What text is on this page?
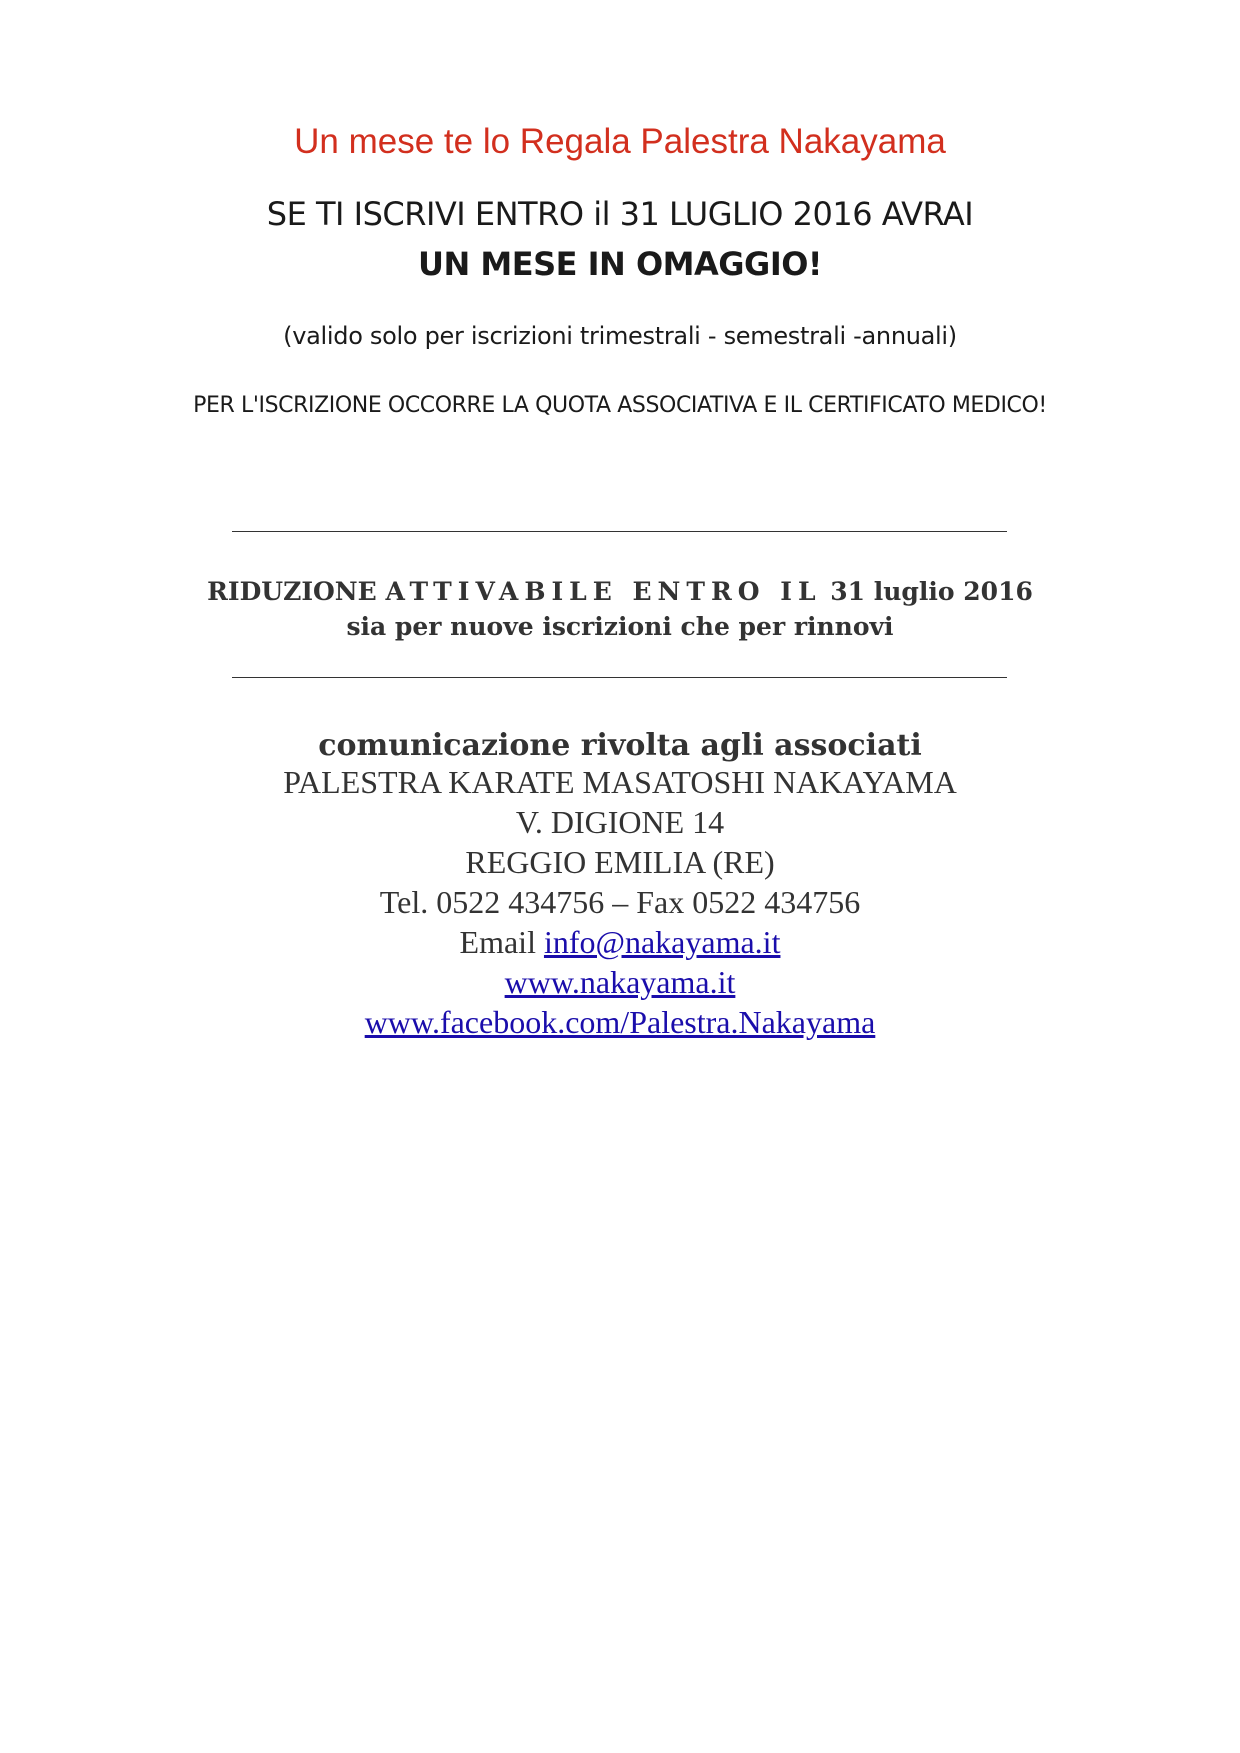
Un mese te lo Regala Palestra Nakayama
SE TI ISCRIVI ENTRO il 31 LUGLIO 2016 AVRAI
UN MESE IN OMAGGIO!
(valido solo per iscrizioni trimestrali - semestrali -annuali)
PER L'ISCRIZIONE OCCORRE LA QUOTA ASSOCIATIVA E IL CERTIFICATO MEDICO!
RIDUZIONE ATTIVABILE ENTRO IL 31 luglio 2016
sia per nuove iscrizioni che per rinnovi
comunicazione rivolta agli associati
PALESTRA KARATE MASATOSHI NAKAYAMA
V. DIGIONE 14
REGGIO EMILIA (RE)
Tel. 0522 434756 – Fax 0522 434756
Email info@nakayama.it
www.nakayama.it
www.facebook.com/Palestra.Nakayama
